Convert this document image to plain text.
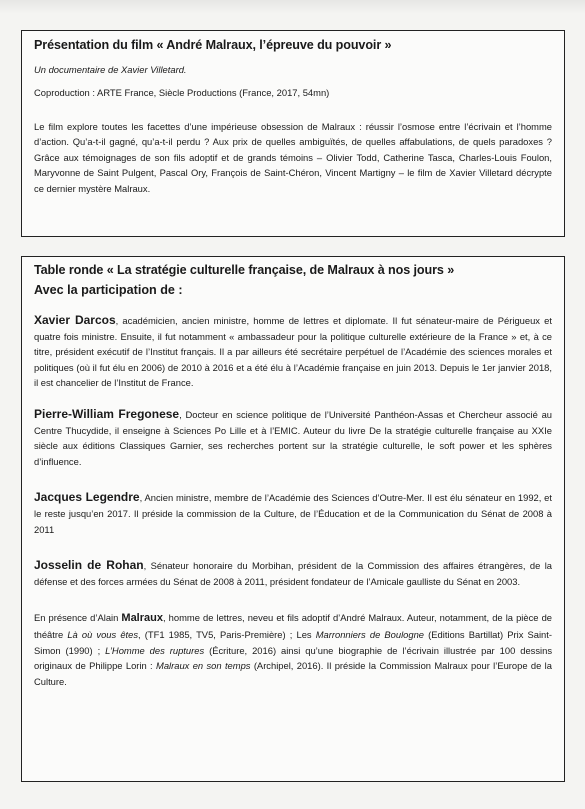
Présentation du film « André Malraux, l’épreuve du pouvoir »
Un documentaire de Xavier Villetard.
Coproduction : ARTE France, Siècle Productions (France, 2017, 54mn)

Le film explore toutes les facettes d’une impérieuse obsession de Malraux : réussir l’osmose entre l’écrivain et l’homme d’action. Qu’a-t-il gagné, qu’a-t-il perdu ? Aux prix de quelles ambiguïtés, de quelles affabulations, de quels paradoxes ? Grâce aux témoignages de son fils adoptif et de grands témoins – Olivier Todd, Catherine Tasca, Charles-Louis Foulon, Maryvonne de Saint Pulgent, Pascal Ory, François de Saint-Chéron, Vincent Martigny – le film de Xavier Villetard décrypte ce dernier mystère Malraux.

Table ronde « La stratégie culturelle française, de Malraux à nos jours »
Avec la participation de :

Xavier Darcos, académicien, ancien ministre, homme de lettres et diplomate. Il fut sénateur-maire de Périgueux et quatre fois ministre. Ensuite, il fut notamment « ambassadeur pour la politique culturelle extérieure de la France » et, à ce titre, président exécutif de l’Institut français. Il a par ailleurs été secrétaire perpétuel de l’Académie des sciences morales et politiques (où il fut élu en 2006) de 2010 à 2016 et a été élu à l’Académie française en juin 2013. Depuis le 1er janvier 2018, il est chancelier de l’Institut de France.

Pierre-William Fregonese, Docteur en science politique de l’Université Panthéon-Assas et Chercheur associé au Centre Thucydide, il enseigne à Sciences Po Lille et à l’EMIC. Auteur du livre De la stratégie culturelle française au XXIe siècle aux éditions Classiques Garnier, ses recherches portent sur la stratégie culturelle, le soft power et les sphères d’influence.

Jacques Legendre, Ancien ministre, membre de l’Académie des Sciences d’Outre-Mer. Il est élu sénateur en 1992, et le reste jusqu’en 2017. Il préside la commission de la Culture, de l’Éducation et de la Communication du Sénat de 2008 à 2011

Josselin de Rohan, Sénateur honoraire du Morbihan, président de la Commission des affaires étrangères, de la défense et des forces armées du Sénat de 2008 à 2011, président fondateur de l’Amicale gaulliste du Sénat en 2003.

En présence d’Alain Malraux, homme de lettres, neveu et fils adoptif d’André Malraux. Auteur, notamment, de la pièce de théâtre Là où vous êtes, (TF1 1985, TV5, Paris-Première) ; Les Marronniers de Boulogne (Editions Bartillat) Prix Saint-Simon (1990) ; L’Homme des ruptures (Écriture, 2016) ainsi qu’une biographie de l’écrivain illustrée par 100 dessins originaux de Philippe Lorin : Malraux en son temps (Archipel, 2016). Il préside la Commission Malraux pour l’Europe de la Culture.
